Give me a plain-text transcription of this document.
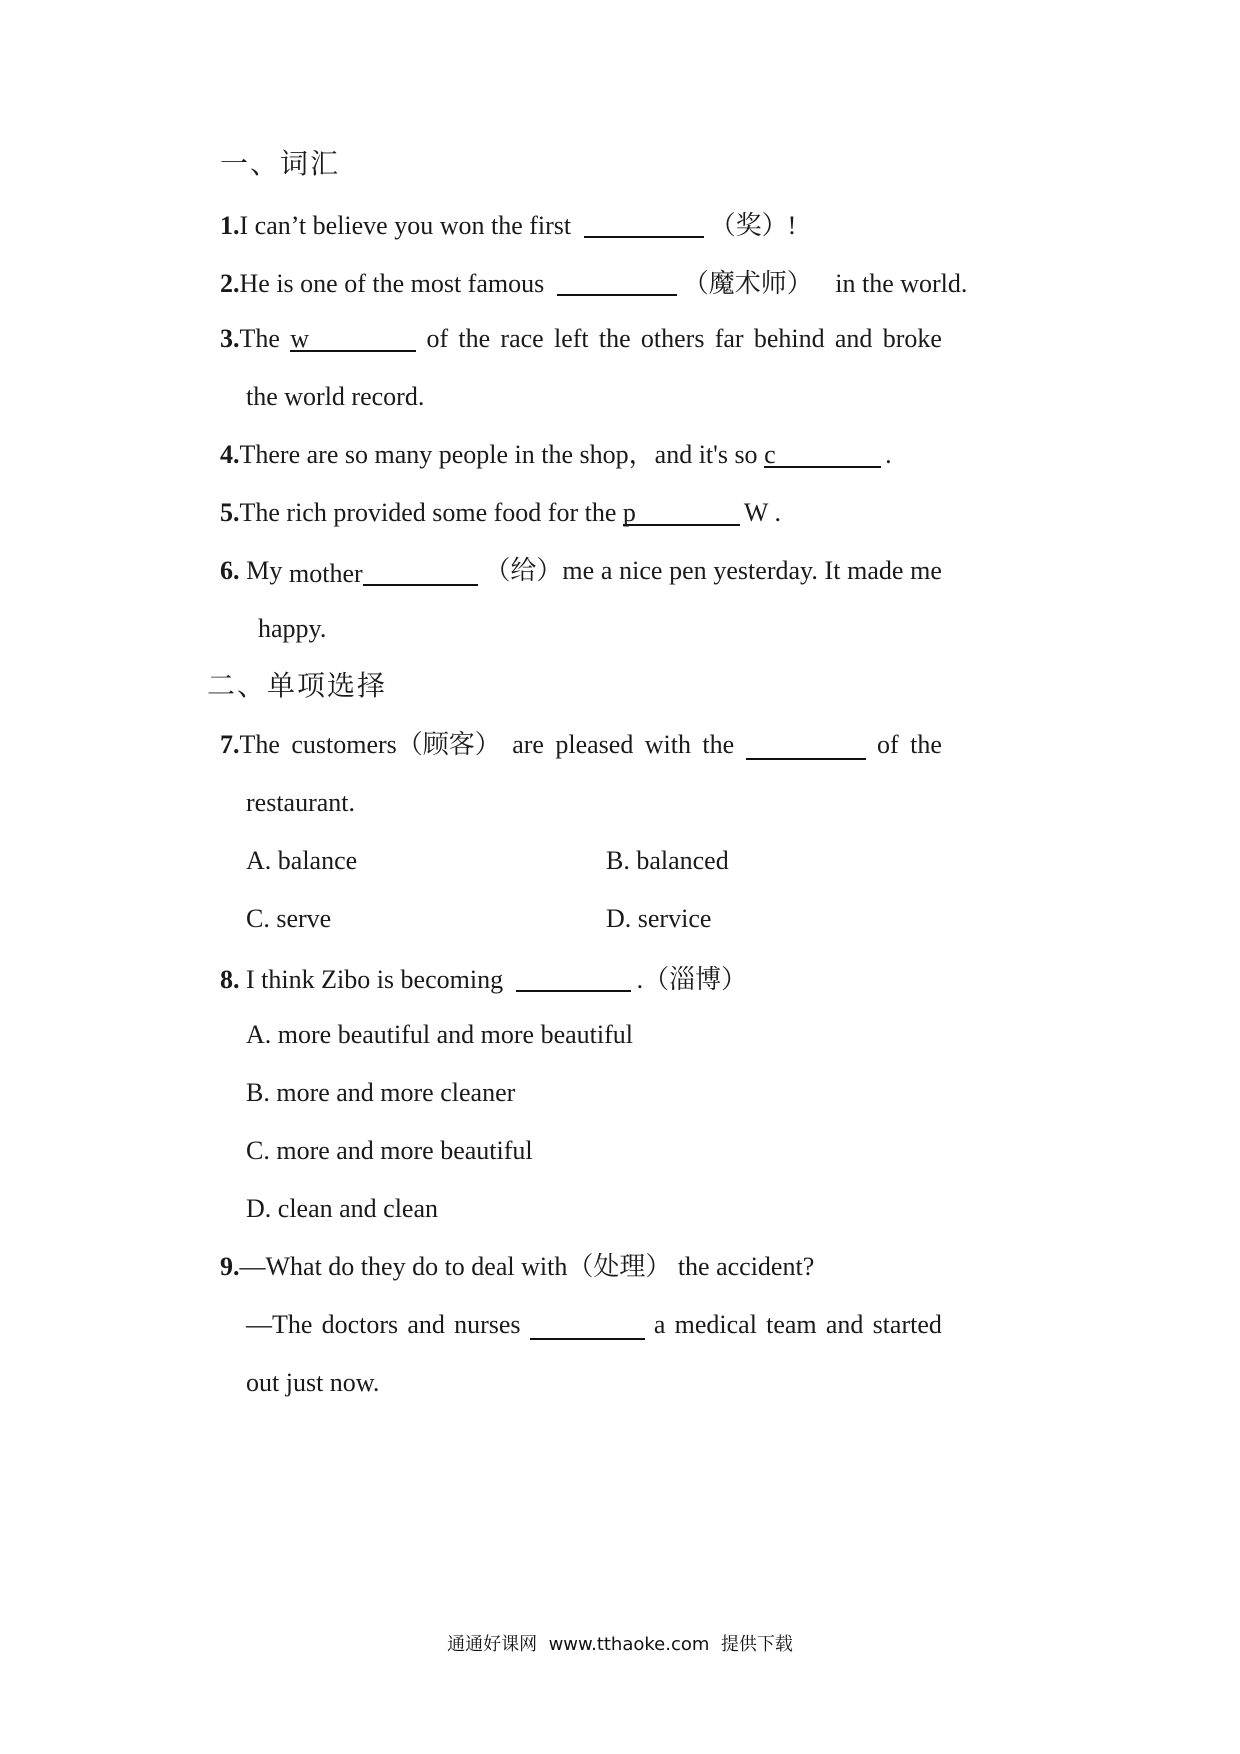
一、词汇
1.I can’t believe you won the first	（奖）!
2.He is one of the most famous	（魔术师） in the world.
3.The w	of the race left the others far behind and broke
the world record.
4.There are so many people in the shop，and it's so c	.
5.The rich provided some food for the p	W .
6. My mother	（给）me a nice pen yesterday. It made me
happy.
二、单项选择
7.The customers（顾客） are pleased with the	of the
restaurant.
A. balance	B. balanced
C. serve	D. service
8. I think Zibo is becoming	.（淄博）
A. more beautiful and more beautiful
B. more and more cleaner
C. more and more beautiful
D. clean and clean
9.—What do they do to deal with（处理） the accident?
—The doctors and nurses	a medical team and started
out just now.
通通好课网  www.tthaoke.com  提供下载
